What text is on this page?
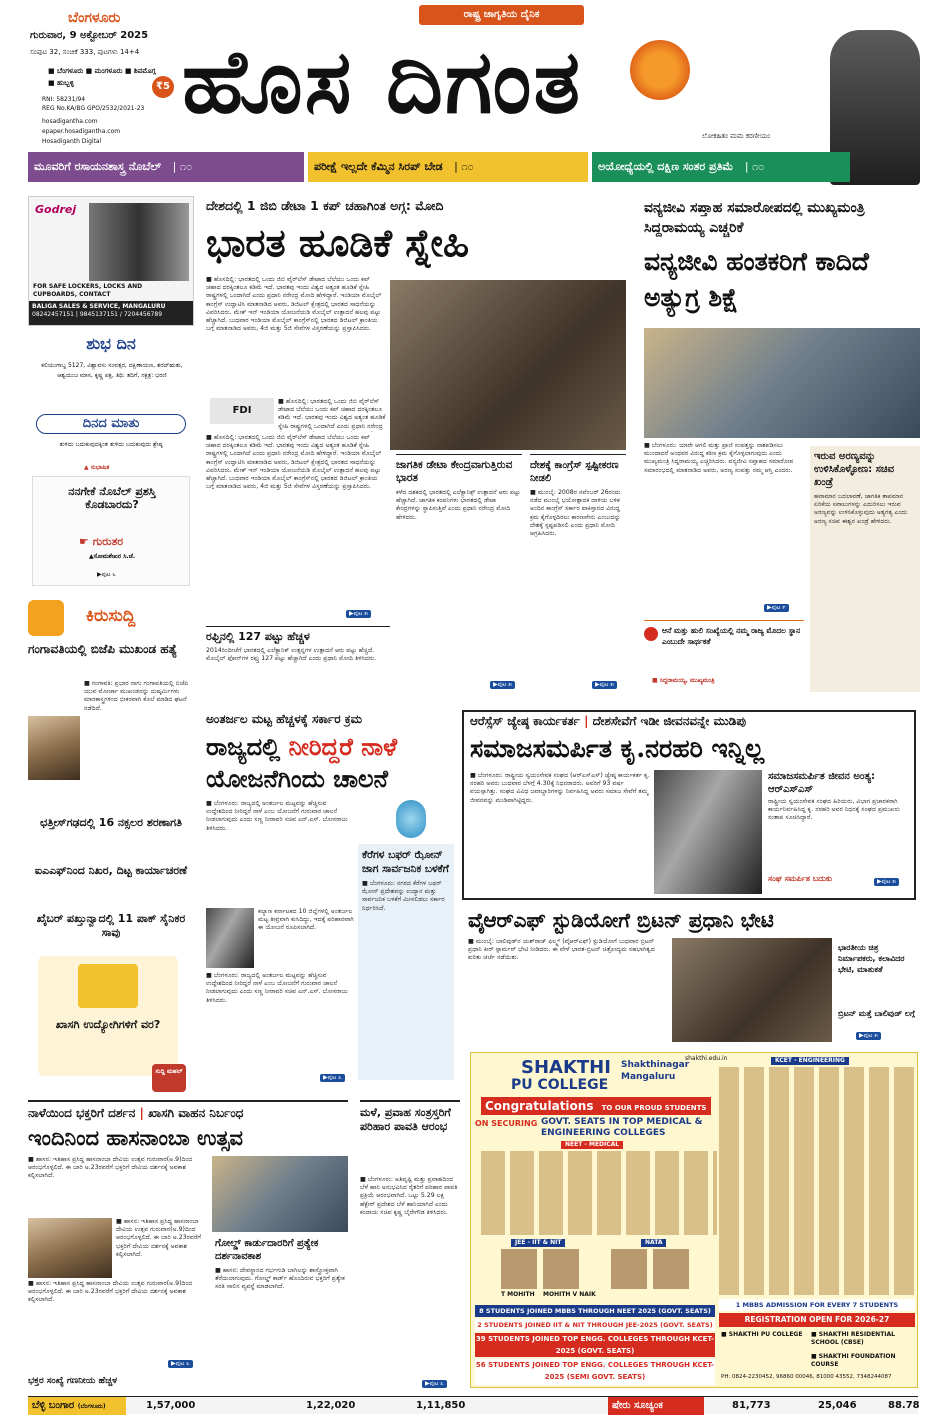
ಬೆಂಗಳೂರು
ಗುರುವಾರ, 9 ಅಕ್ಟೋಬರ್ 2025
ಸಂಪುಟ 32, ಸಂಚಿಕೆ 333, ಪುಟಗಳು 14+4
■ ಬೆಂಗಳೂರು ■ ಮಂಗಳೂರು ■ ಶಿವಮೊಗ್ಗ ■ ಹುಬ್ಬಳ್ಳಿ	₹5
RNI: 58231/94
REG No.KA/BG GPO/2532/2021-23
hosadigantha.com
epaper.hosadigantha.com
Hosadiganth Digital
ರಾಷ್ಟ್ರ ಜಾಗೃತಿಯ ದೈನಿಕ
ಹೊಸ ದಿಗಂತ
ಲೋಕಹಿತಂ ಮಮ ಕರಣೀಯಂ
ಮೂವರಿಗೆ ರಸಾಯನಶಾಸ್ತ್ರ ನೊಬೆಲ್ | ೧೦	ಪರೀಕ್ಷೆ ಇಲ್ಲದೇ ಕೆಮ್ಮಿನ ಸಿರಪ್ ಬೇಡ | ೧೦	ಅಯೋಧ್ಯೆಯಲ್ಲಿ ದಕ್ಷಿಣ ಸಂತರ ಪ್ರತಿಮೆ | ೧೦
Godrej
FOR SAFE LOCKERS, LOCKS AND CUPBOARDS, CONTACT
BALIGA SALES & SERVICE, MANGALURU
08242457151 | 9845137151 / 7204456789
ಶುಭ ದಿನ
ಕಲಿಯುಗಾಬ್ದ 5127, ವಿಶ್ವಾವಸು ಸಂವತ್ಸರ, ದಕ್ಷಿಣಾಯಣ, ಶರದ್ಋತು, ಆಶ್ವಯುಜ ಮಾಸ, ಕೃಷ್ಣ ಪಕ್ಷ, ತಿಥಿ: ತದಿಗೆ, ನಕ್ಷತ್ರ: ಭರಣಿ
ದಿನದ ಮಾತು
ತುಳಿದು ಬದುಕುವುದಕ್ಕಿಂತ ತುಳಿದು ಬದುಕುವುದು ಶ್ರೇಷ್ಠ
▲ ಸುಭಾಷಿತ
ನನಗೇಕೆ ನೊಬೆಲ್ ಪ್ರಶಸ್ತಿ ಕೊಡಬಾರದು?
☛ ಗುರುತರ
▲ಸೋಮಶೇಖರ ಸಿ.ಜೆ.
▶ಪುಟ ೬
ಕಿರುಸುದ್ದಿ
ಗಂಗಾವತಿಯಲ್ಲಿ ಬಿಜೆಪಿ ಮುಖಂಡ ಹತ್ಯೆ
■ ಗಂಗಾವತಿ: ಪ್ರಭಾರ ನಾಗು ಗಂಗಾವತಿಯಲ್ಲಿ ಬಿಜೆಪಿ ಯುವ ಮೋರ್ಚಾ ಮುಖಂಡನನ್ನು ದುಷ್ಕರ್ಮಿಗಳು ಮಾರಕಾಸ್ತ್ರಗಳಿಂದ ಭೀಕರವಾಗಿ ಕೊಲೆ ಮಾಡಿದ ಘಟನೆ ನಡೆದಿದೆ.
ಛತ್ತೀಸ್‌ಗಢದಲ್ಲಿ 16 ನಕ್ಸಲರ ಶರಣಾಗತಿ
ಐಎಎಫ್‌ನಿಂದ ನಿಖರ, ದಿಟ್ಟ ಕಾರ್ಯಾಚರಣೆ
ಖೈಬರ್ ಪಖ್ತುನ್ವಾದಲ್ಲಿ 11 ಪಾಕ್ ಸೈನಿಕರ ಸಾವು
ಖಾಸಗಿ ಉದ್ಯೋಗಿಗಳಿಗೆ ವರ?
ಸುದ್ದಿ ಮಹಲ್
ದೇಶದಲ್ಲಿ 1 ಜಿಬಿ ಡೇಟಾ 1 ಕಪ್ ಚಹಾಗಿಂತ ಅಗ್ಗ: ಮೋದಿ
ಭಾರತ ಹೂಡಿಕೆ ಸ್ನೇಹಿ
■ ಹೊಸದಿಲ್ಲಿ: ಭಾರತದಲ್ಲಿ ಒಂದು ಜಿಬಿ ವೈರ್‌ಲೆಸ್ ಡೇಟಾದ ಬೆಲೆಯು ಒಂದು ಕಪ್ ಚಹಾದ ದರಕ್ಕಿಂತಲೂ ಕಡಿಮೆ ಇದೆ. ಭಾರತವು ಇಂದು ವಿಶ್ವದ ಅತ್ಯಂತ ಹೂಡಿಕೆ ಸ್ನೇಹಿ ರಾಷ್ಟ್ರಗಳಲ್ಲಿ ಒಂದಾಗಿದೆ ಎಂದು ಪ್ರಧಾನಿ ನರೇಂದ್ರ ಮೋದಿ ಹೇಳಿದ್ದಾರೆ. ಇಂಡಿಯಾ ಮೊಬೈಲ್ ಕಾಂಗ್ರೆಸ್ ಉದ್ಘಾಟಿಸಿ ಮಾತನಾಡಿದ ಅವರು, ಡಿಜಿಟಲ್ ಕ್ಷೇತ್ರದಲ್ಲಿ ಭಾರತದ ಸಾಧನೆಯನ್ನು ವಿವರಿಸಿದರು. ಮೇಕ್ ಇನ್ ಇಂಡಿಯಾ ಯೋಜನೆಯಡಿ ಮೊಬೈಲ್ ಉತ್ಪಾದನೆ ಹಲವು ಪಟ್ಟು ಹೆಚ್ಚಾಗಿದೆ. ಬುಧವಾರ ಇಂಡಿಯಾ ಮೊಬೈಲ್ ಕಾಂಗ್ರೆಸ್‌ನಲ್ಲಿ ಭಾರತದ ಡಿಜಿಟಲ್ ಕ್ರಾಂತಿಯ ಬಗ್ಗೆ ಮಾತನಾಡಿದ ಅವರು, 4ಜಿ ಮತ್ತು 5ಜಿ ಸೇವೆಗಳ ವಿಸ್ತರಣೆಯನ್ನು ಪ್ರಸ್ತಾಪಿಸಿದರು.
FDI
■ ಹೊಸದಿಲ್ಲಿ: ಭಾರತದಲ್ಲಿ ಒಂದು ಜಿಬಿ ವೈರ್‌ಲೆಸ್ ಡೇಟಾದ ಬೆಲೆಯು ಒಂದು ಕಪ್ ಚಹಾದ ದರಕ್ಕಿಂತಲೂ ಕಡಿಮೆ ಇದೆ. ಭಾರತವು ಇಂದು ವಿಶ್ವದ ಅತ್ಯಂತ ಹೂಡಿಕೆ ಸ್ನೇಹಿ ರಾಷ್ಟ್ರಗಳಲ್ಲಿ ಒಂದಾಗಿದೆ ಎಂದು ಪ್ರಧಾನಿ ನರೇಂದ್ರ
■ ಹೊಸದಿಲ್ಲಿ: ಭಾರತದಲ್ಲಿ ಒಂದು ಜಿಬಿ ವೈರ್‌ಲೆಸ್ ಡೇಟಾದ ಬೆಲೆಯು ಒಂದು ಕಪ್ ಚಹಾದ ದರಕ್ಕಿಂತಲೂ ಕಡಿಮೆ ಇದೆ. ಭಾರತವು ಇಂದು ವಿಶ್ವದ ಅತ್ಯಂತ ಹೂಡಿಕೆ ಸ್ನೇಹಿ ರಾಷ್ಟ್ರಗಳಲ್ಲಿ ಒಂದಾಗಿದೆ ಎಂದು ಪ್ರಧಾನಿ ನರೇಂದ್ರ ಮೋದಿ ಹೇಳಿದ್ದಾರೆ. ಇಂಡಿಯಾ ಮೊಬೈಲ್ ಕಾಂಗ್ರೆಸ್ ಉದ್ಘಾಟಿಸಿ ಮಾತನಾಡಿದ ಅವರು, ಡಿಜಿಟಲ್ ಕ್ಷೇತ್ರದಲ್ಲಿ ಭಾರತದ ಸಾಧನೆಯನ್ನು ವಿವರಿಸಿದರು. ಮೇಕ್ ಇನ್ ಇಂಡಿಯಾ ಯೋಜನೆಯಡಿ ಮೊಬೈಲ್ ಉತ್ಪಾದನೆ ಹಲವು ಪಟ್ಟು ಹೆಚ್ಚಾಗಿದೆ. ಬುಧವಾರ ಇಂಡಿಯಾ ಮೊಬೈಲ್ ಕಾಂಗ್ರೆಸ್‌ನಲ್ಲಿ ಭಾರತದ ಡಿಜಿಟಲ್ ಕ್ರಾಂತಿಯ ಬಗ್ಗೆ ಮಾತನಾಡಿದ ಅವರು, 4ಜಿ ಮತ್ತು 5ಜಿ ಸೇವೆಗಳ ವಿಸ್ತರಣೆಯನ್ನು ಪ್ರಸ್ತಾಪಿಸಿದರು.
▶ಪುಟ ೫
ಜಾಗತಿಕ ಡೇಟಾ ಕೇಂದ್ರವಾಗುತ್ತಿರುವ ಭಾರತ
ಕಳೆದ ದಶಕದಲ್ಲಿ ಭಾರತದಲ್ಲಿ ಎಲೆಕ್ಟ್ರಾನಿಕ್ಸ್ ಉತ್ಪಾದನೆ ಆರು ಪಟ್ಟು ಹೆಚ್ಚಾಗಿದೆ. ಜಾಗತಿಕ ಕಂಪನಿಗಳು ಭಾರತದಲ್ಲಿ ಡೇಟಾ ಕೇಂದ್ರಗಳನ್ನು ಸ್ಥಾಪಿಸುತ್ತಿವೆ ಎಂದು ಪ್ರಧಾನಿ ನರೇಂದ್ರ ಮೋದಿ ಹೇಳಿದರು.
▶ಪುಟ ೫
ದೇಶಕ್ಕೆ ಕಾಂಗ್ರೆಸ್ ಸ್ಪಷ್ಟೀಕರಣ ನೀಡಲಿ
■ ಮುಂಬೈ: 2008ರ ನವೆಂಬರ್ 26ರಂದು ನಡೆದ ಮುಂಬೈ ಭಯೋತ್ಪಾದಕ ದಾಳಿಯ ಬಳಿಕ ಅಂದಿನ ಕಾಂಗ್ರೆಸ್ ಸರ್ಕಾರ ಪಾಕಿಸ್ತಾನದ ವಿರುದ್ಧ ಕ್ರಮ ಕೈಗೊಳ್ಳದಿರಲು ಕಾರಣವೇನು ಎಂಬುದನ್ನು ದೇಶಕ್ಕೆ ಸ್ಪಷ್ಟಪಡಿಸಲಿ ಎಂದು ಪ್ರಧಾನಿ ಮೋದಿ ಆಗ್ರಹಿಸಿದರು.
▶ಪುಟ ೫
ರಫ್ತಿನಲ್ಲಿ 127 ಪಟ್ಟು ಹೆಚ್ಚಳ
2014ರಿಂದೀಚೆಗೆ ಭಾರತದಲ್ಲಿ ಎಲೆಕ್ಟ್ರಾನಿಕ್ ಉತ್ಪನ್ನಗಳ ಉತ್ಪಾದನೆ ಆರು ಪಟ್ಟು ಹೆಚ್ಚಿದೆ. ಮೊಬೈಲ್ ಫೋನ್‌ಗಳ ರಫ್ತು 127 ಪಟ್ಟು ಹೆಚ್ಚಾಗಿದೆ ಎಂದು ಪ್ರಧಾನಿ ಮೋದಿ ತಿಳಿಸಿದರು.
ವನ್ಯಜೀವಿ ಸಪ್ತಾಹ ಸಮಾರೋಪದಲ್ಲಿ ಮುಖ್ಯಮಂತ್ರಿ ಸಿದ್ದರಾಮಯ್ಯ ಎಚ್ಚರಿಕೆ
ವನ್ಯಜೀವಿ ಹಂತಕರಿಗೆ ಕಾದಿದೆ ಅತ್ಯುಗ್ರ ಶಿಕ್ಷೆ
■ ಬೆಂಗಳೂರು: ಯಾರೇ ಆಗಲಿ ಮತ್ತು ಪ್ರಾಣಿ ಸಂಪತ್ತನ್ನು ನಾಶಪಡಿಸಲು ಮುಂದಾದರೆ ಅಂಥವರ ವಿರುದ್ಧ ಕಠಿಣ ಕ್ರಮ ಕೈಗೊಳ್ಳಲಾಗುವುದು ಎಂದು ಮುಖ್ಯಮಂತ್ರಿ ಸಿದ್ದರಾಮಯ್ಯ ಎಚ್ಚರಿಸಿದರು. ವನ್ಯಜೀವಿ ಸಪ್ತಾಹದ ಸಮಾರೋಪ ಸಮಾರಂಭದಲ್ಲಿ ಮಾತನಾಡಿದ ಅವರು, ಅರಣ್ಯ ಸಂಪತ್ತು ನಮ್ಮ ಆಸ್ತಿ ಎಂದರು.
▶ಪುಟ ೯
ಇರುವ ಅರಣ್ಯವನ್ನು ಉಳಿಸಿಕೊಳ್ಳೋಣ: ಸಚಿವ ಖಂಡ್ರೆ
ಹವಾಮಾನ ಬದಲಾವಣೆ, ಜಾಗತಿಕ ತಾಪಮಾನ ಏರಿಕೆಯ ಸವಾಲುಗಳನ್ನು ಎದುರಿಸಲು ಇರುವ ಅರಣ್ಯವನ್ನು ಉಳಿಸಿಕೊಳ್ಳುವುದು ಅತ್ಯಗತ್ಯ ಎಂದು ಅರಣ್ಯ ಸಚಿವ ಈಶ್ವರ ಖಂಡ್ರೆ ಹೇಳಿದರು.
ಆನೆ ಮತ್ತು ಹುಲಿ ಸಂಖ್ಯೆಯಲ್ಲಿ ನಮ್ಮ ರಾಜ್ಯ ಮೊದಲ ಸ್ಥಾನ ಎಂಬುದೇ ಸಾರ್ಥಕತೆ
■ ಸಿದ್ದರಾಮಯ್ಯ, ಮುಖ್ಯಮಂತ್ರಿ
ಅಂತರ್ಜಲ ಮಟ್ಟ ಹೆಚ್ಚಳಕ್ಕೆ ಸರ್ಕಾರ ಕ್ರಮ
ರಾಜ್ಯದಲ್ಲಿ ನೀರಿದ್ದರೆ ನಾಳೆ
ಯೋಜನೆಗಿಂದು ಚಾಲನೆ
■ ಬೆಂಗಳೂರು: ರಾಜ್ಯದಲ್ಲಿ ಅಂತರ್ಜಲ ಮಟ್ಟವನ್ನು ಹೆಚ್ಚಿಸುವ ಉದ್ದೇಶದಿಂದ ನೀರಿದ್ದರೆ ನಾಳೆ ಎಂಬ ಯೋಜನೆಗೆ ಗುರುವಾರ ಚಾಲನೆ ನೀಡಲಾಗುವುದು ಎಂದು ಸಣ್ಣ ನೀರಾವರಿ ಸಚಿವ ಎನ್.ಎಸ್. ಬೋಸರಾಜು ತಿಳಿಸಿದರು.
ಕಲ್ಯಾಣ ಕರ್ನಾಟಕದ 10 ಜಿಲ್ಲೆಗಳಲ್ಲಿ ಅಂತರ್ಜಲ ಮಟ್ಟ ತೀವ್ರವಾಗಿ ಕುಸಿದಿದ್ದು, ಇದಕ್ಕೆ ಪರಿಹಾರವಾಗಿ ಈ ಯೋಜನೆ ರೂಪಿಸಲಾಗಿದೆ.
■ ಬೆಂಗಳೂರು: ರಾಜ್ಯದಲ್ಲಿ ಅಂತರ್ಜಲ ಮಟ್ಟವನ್ನು ಹೆಚ್ಚಿಸುವ ಉದ್ದೇಶದಿಂದ ನೀರಿದ್ದರೆ ನಾಳೆ ಎಂಬ ಯೋಜನೆಗೆ ಗುರುವಾರ ಚಾಲನೆ ನೀಡಲಾಗುವುದು ಎಂದು ಸಣ್ಣ ನೀರಾವರಿ ಸಚಿವ ಎನ್.ಎಸ್. ಬೋಸರಾಜು ತಿಳಿಸಿದರು.
▶ಪುಟ ೩
ಕೆರೆಗಳ ಬಫರ್ ಝೋನ್ ಜಾಗ ಸಾರ್ವಜನಿಕ ಬಳಕೆಗೆ
■ ಬೆಂಗಳೂರು: ನಗರದ ಕೆರೆಗಳ ಬಫರ್ ಝೋನ್ ಪ್ರದೇಶವನ್ನು ಉದ್ಯಾನ ಮತ್ತು ಸಾರ್ವಜನಿಕ ಬಳಕೆಗೆ ಮೀಸಲಿಡಲು ಸರ್ಕಾರ ನಿರ್ಧರಿಸಿದೆ.
ಆರೆಸ್ಸೆಸ್ ಜ್ಯೇಷ್ಠ ಕಾರ್ಯಕರ್ತ | ದೇಶಸೇವೆಗೆ ಇಡೀ ಜೀವನವನ್ನೇ ಮುಡಿಪು
ಸಮಾಜಸಮರ್ಪಿತ ಕೃ.ನರಹರಿ ಇನ್ನಿಲ್ಲ
■ ಬೆಂಗಳೂರು: ರಾಷ್ಟ್ರೀಯ ಸ್ವಯಂಸೇವಕ ಸಂಘದ (ಆರ್‌ಎಸ್‌ಎಸ್) ಜ್ಯೇಷ್ಠ ಕಾರ್ಯಕರ್ತ ಕೃ. ನರಹರಿ ಅವರು ಬುಧವಾರ ಬೆಳಗ್ಗೆ 4.30ಕ್ಕೆ ನಿಧನರಾದರು. ಅವರಿಗೆ 93 ವರ್ಷ ವಯಸ್ಸಾಗಿತ್ತು. ಸಂಘದ ವಿವಿಧ ಜವಾಬ್ದಾರಿಗಳನ್ನು ನಿರ್ವಹಿಸಿದ್ದ ಅವರು ಸಮಾಜ ಸೇವೆಗೆ ತಮ್ಮ ಜೀವನವನ್ನು ಮುಡಿಪಾಗಿಟ್ಟಿದ್ದರು.
ಸಮಾಜಸಮರ್ಪಿತ ಜೀವನ ಅಂತ್ಯ: ಆರ್‌ಎಸ್‌ಎಸ್
ರಾಷ್ಟ್ರೀಯ ಸ್ವಯಂಸೇವಕ ಸಂಘದ ಹಿರಿಯರು, ವಿಭಾಗ ಪ್ರಚಾರಕರಾಗಿ ಕಾರ್ಯನಿರ್ವಹಿಸಿದ್ದ ಕೃ. ನರಹರಿ ಅವರ ನಿಧನಕ್ಕೆ ಸಂಘದ ಪ್ರಮುಖರು ಸಂತಾಪ ಸೂಚಿಸಿದ್ದಾರೆ.
ಸಂಘ ಸಮರ್ಪಿತ ಬದುಕು	▶ಪುಟ ೫
ವೈಆರ್‌ಎಫ್ ಸ್ಟುಡಿಯೋಗೆ ಬ್ರಿಟನ್ ಪ್ರಧಾನಿ ಭೇಟಿ
■ ಮುಂಬೈ: ಬಾಲಿವುಡ್‌ನ ಯಶ್‌ರಾಜ್ ಫಿಲ್ಮ್ಸ್ (ವೈಆರ್‌ಎಫ್) ಸ್ಟುಡಿಯೋಗೆ ಬುಧವಾರ ಬ್ರಿಟನ್ ಪ್ರಧಾನಿ ಕೀರ್ ಸ್ಟಾರ್ಮರ್ ಭೇಟಿ ನೀಡಿದರು. ಈ ವೇಳೆ ಭಾರತ-ಬ್ರಿಟನ್ ಚಿತ್ರೋದ್ಯಮ ಸಹಭಾಗಿತ್ವದ ಕುರಿತು ಚರ್ಚೆ ನಡೆಯಿತು.
ಭಾರತೀಯ ಚಿತ್ರ ನಿರ್ಮಾಪಕರು, ಕಲಾವಿದರ ಭೇಟಿ, ಮಾತುಕತೆ
ಬ್ರಿಟನ್ ಮತ್ತೆ ಬಾಲಿವುಡ್ ಲಗ್ಗೆ
▶ಪುಟ ೫
ನಾಳೆಯಿಂದ ಭಕ್ತರಿಗೆ ದರ್ಶನ | ಖಾಸಗಿ ವಾಹನ ನಿರ್ಬಂಧ
ಇಂದಿನಿಂದ ಹಾಸನಾಂಬಾ ಉತ್ಸವ
■ ಹಾಸನ: ಇತಿಹಾಸ ಪ್ರಸಿದ್ಧ ಹಾಸನಾಂಬಾ ದೇವಿಯ ಉತ್ಸವ ಗುರುವಾರ(ಅ.9)ದಿಂದ ಆರಂಭಗೊಳ್ಳಲಿದೆ. ಈ ಬಾರಿ ಅ.23ರವರೆಗೆ ಭಕ್ತರಿಗೆ ದೇವಿಯ ದರ್ಶನಕ್ಕೆ ಅವಕಾಶ ಕಲ್ಪಿಸಲಾಗಿದೆ.
■ ಹಾಸನ: ಇತಿಹಾಸ ಪ್ರಸಿದ್ಧ ಹಾಸನಾಂಬಾ ದೇವಿಯ ಉತ್ಸವ ಗುರುವಾರ(ಅ.9)ದಿಂದ ಆರಂಭಗೊಳ್ಳಲಿದೆ. ಈ ಬಾರಿ ಅ.23ರವರೆಗೆ ಭಕ್ತರಿಗೆ ದೇವಿಯ ದರ್ಶನಕ್ಕೆ ಅವಕಾಶ ಕಲ್ಪಿಸಲಾಗಿದೆ.
■ ಹಾಸನ: ಇತಿಹಾಸ ಪ್ರಸಿದ್ಧ ಹಾಸನಾಂಬಾ ದೇವಿಯ ಉತ್ಸವ ಗುರುವಾರ(ಅ.9)ದಿಂದ ಆರಂಭಗೊಳ್ಳಲಿದೆ. ಈ ಬಾರಿ ಅ.23ರವರೆಗೆ ಭಕ್ತರಿಗೆ ದೇವಿಯ ದರ್ಶನಕ್ಕೆ ಅವಕಾಶ ಕಲ್ಪಿಸಲಾಗಿದೆ.
▶ಪುಟ ೩
ಗೋಲ್ಡ್ ಕಾರ್ಡುದಾರರಿಗೆ ಪ್ರತ್ಯೇಕ ದರ್ಶನಾವಕಾಶ
■ ಹಾಸನ: ದೇವಸ್ಥಾನದ ಗರ್ಭಗುಡಿ ಬಾಗಿಲನ್ನು ಶಾಸ್ತ್ರೋಕ್ತವಾಗಿ ತೆರೆಯಲಾಗುವುದು. ಗೋಲ್ಡ್ ಕಾರ್ಡ್ ಹೊಂದಿರುವ ಭಕ್ತರಿಗೆ ಪ್ರತ್ಯೇಕ ಸರತಿ ಸಾಲಿನ ವ್ಯವಸ್ಥೆ ಮಾಡಲಾಗಿದೆ.
ಭಕ್ತರ ಸಂಖ್ಯೆ ಗಣನೀಯ ಹೆಚ್ಚಳ
ಮಳೆ, ಪ್ರವಾಹ ಸಂತ್ರಸ್ತರಿಗೆ ಪರಿಹಾರ ಪಾವತಿ ಆರಂಭ
■ ಬೆಂಗಳೂರು: ಅತಿವೃಷ್ಟಿ ಮತ್ತು ಪ್ರವಾಹದಿಂದ ಬೆಳೆ ಹಾನಿ ಅನುಭವಿಸಿದ ರೈತರಿಗೆ ಪರಿಹಾರ ಪಾವತಿ ಪ್ರಕ್ರಿಯೆ ಆರಂಭವಾಗಿದೆ. ಒಟ್ಟು 5.29 ಲಕ್ಷ ಹೆಕ್ಟೇರ್ ಪ್ರದೇಶದ ಬೆಳೆ ಹಾನಿಯಾಗಿದೆ ಎಂದು ಕಂದಾಯ ಸಚಿವ ಕೃಷ್ಣ ಬೈರೇಗೌಡ ತಿಳಿಸಿದರು.
▶ಪುಟ ೩
SHAKTHI
PU COLLEGE
Shakthinagar Mangaluru
shakthi.edu.in
Congratulations TO OUR PROUD STUDENTS
ON SECURING GOVT. SEATS IN TOP MEDICAL & ENGINEERING COLLEGES
NEET - MEDICAL
JEE - IIT & NIT	NATA
T MOHITH MOHITH V NAIK
KCET - ENGINEERING
8 STUDENTS JOINED MBBS THROUGH NEET 2025 (GOVT. SEATS)
2 STUDENTS JOINED IIT & NIT THROUGH JEE-2025 (GOVT. SEATS)
39 STUDENTS JOINED TOP ENGG. COLLEGES THROUGH KCET-2025 (GOVT. SEATS)
56 STUDENTS JOINED TOP ENGG. COLLEGES THROUGH KCET-2025 (SEMI GOVT. SEATS)
1 MBBS ADMISSION FOR EVERY 7 STUDENTS
REGISTRATION OPEN FOR 2026-27
■ SHAKTHI PU COLLEGE ■ SHAKTHI RESIDENTIAL SCHOOL (CBSE)
■ SHAKTHI FOUNDATION COURSE
PH: 0824-2230452, 96860 00046, 81000 43552, 7348244087
ಬೆಳ್ಳಿ ಬಂಗಾರ (ಬೆಂಗಳೂರು)	1,57,000	1,22,020	1,11,850	ಷೇರು ಸೂಚ್ಯಂಕ	81,773	25,046	88.78
